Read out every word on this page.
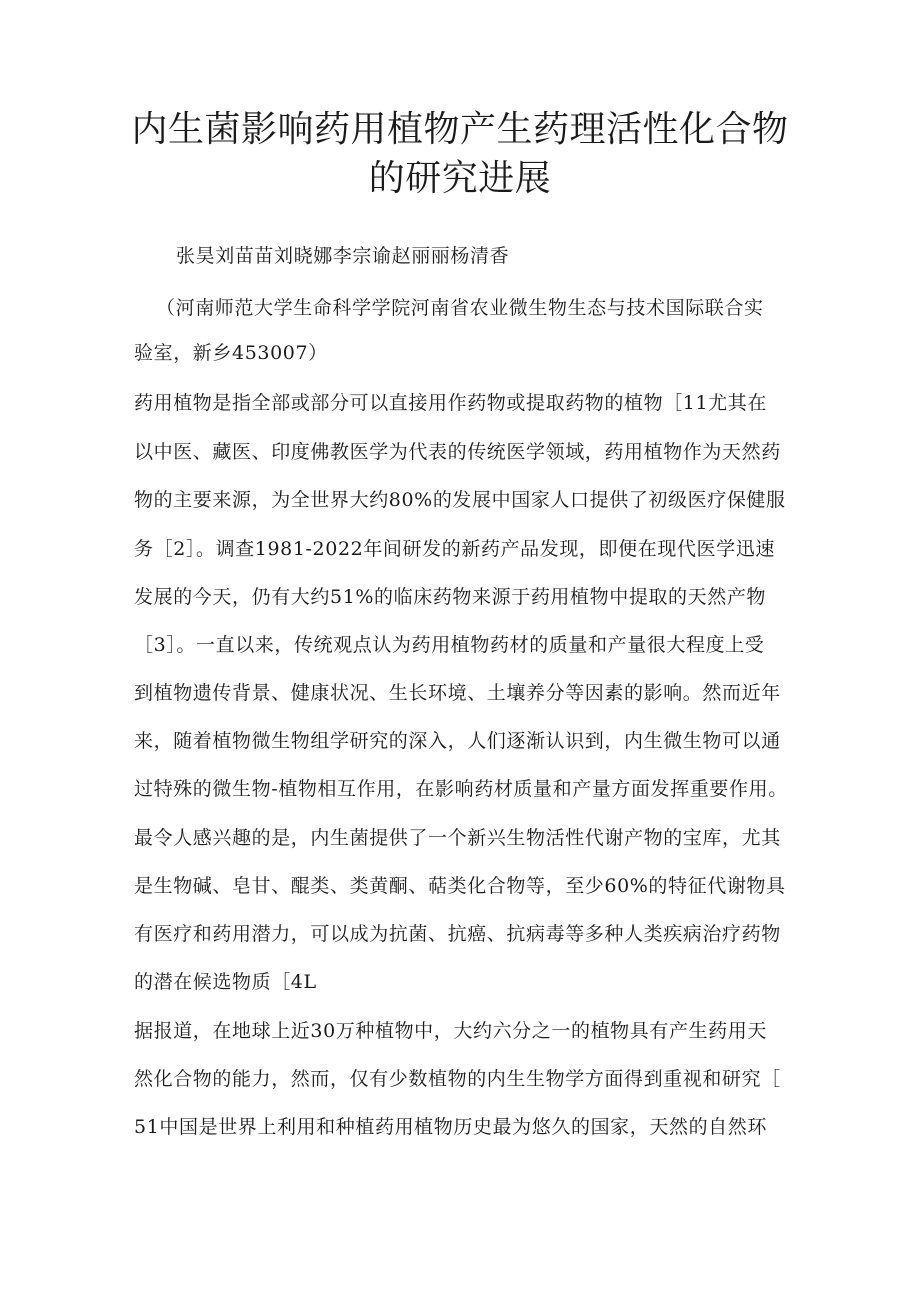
内生菌影响药用植物产生药理活性化合物
的研究进展
张昊刘苗苗刘晓娜李宗谕赵丽丽杨清香
（河南师范大学生命科学学院河南省农业微生物生态与技术国际联合实
验室，新乡453007）
药用植物是指全部或部分可以直接用作药物或提取药物的植物［11尤其在
以中医、藏医、印度佛教医学为代表的传统医学领域，药用植物作为天然药
物的主要来源，为全世界大约80%的发展中国家人口提供了初级医疗保健服
务［2］。调查1981-2022年间研发的新药产品发现，即便在现代医学迅速
发展的今天，仍有大约51%的临床药物来源于药用植物中提取的天然产物
［3］。一直以来，传统观点认为药用植物药材的质量和产量很大程度上受
到植物遗传背景、健康状况、生长环境、土壤养分等因素的影响。然而近年
来，随着植物微生物组学研究的深入，人们逐渐认识到，内生微生物可以通
过特殊的微生物-植物相互作用，在影响药材质量和产量方面发挥重要作用。
最令人感兴趣的是，内生菌提供了一个新兴生物活性代谢产物的宝库，尤其
是生物碱、皂甘、醌类、类黄酮、萜类化合物等，至少60%的特征代谢物具
有医疗和药用潜力，可以成为抗菌、抗癌、抗病毒等多种人类疾病治疗药物
的潜在候选物质［4L
据报道，在地球上近30万种植物中，大约六分之一的植物具有产生药用天
然化合物的能力，然而，仅有少数植物的内生生物学方面得到重视和研究［
51中国是世界上利用和种植药用植物历史最为悠久的国家，天然的自然环
